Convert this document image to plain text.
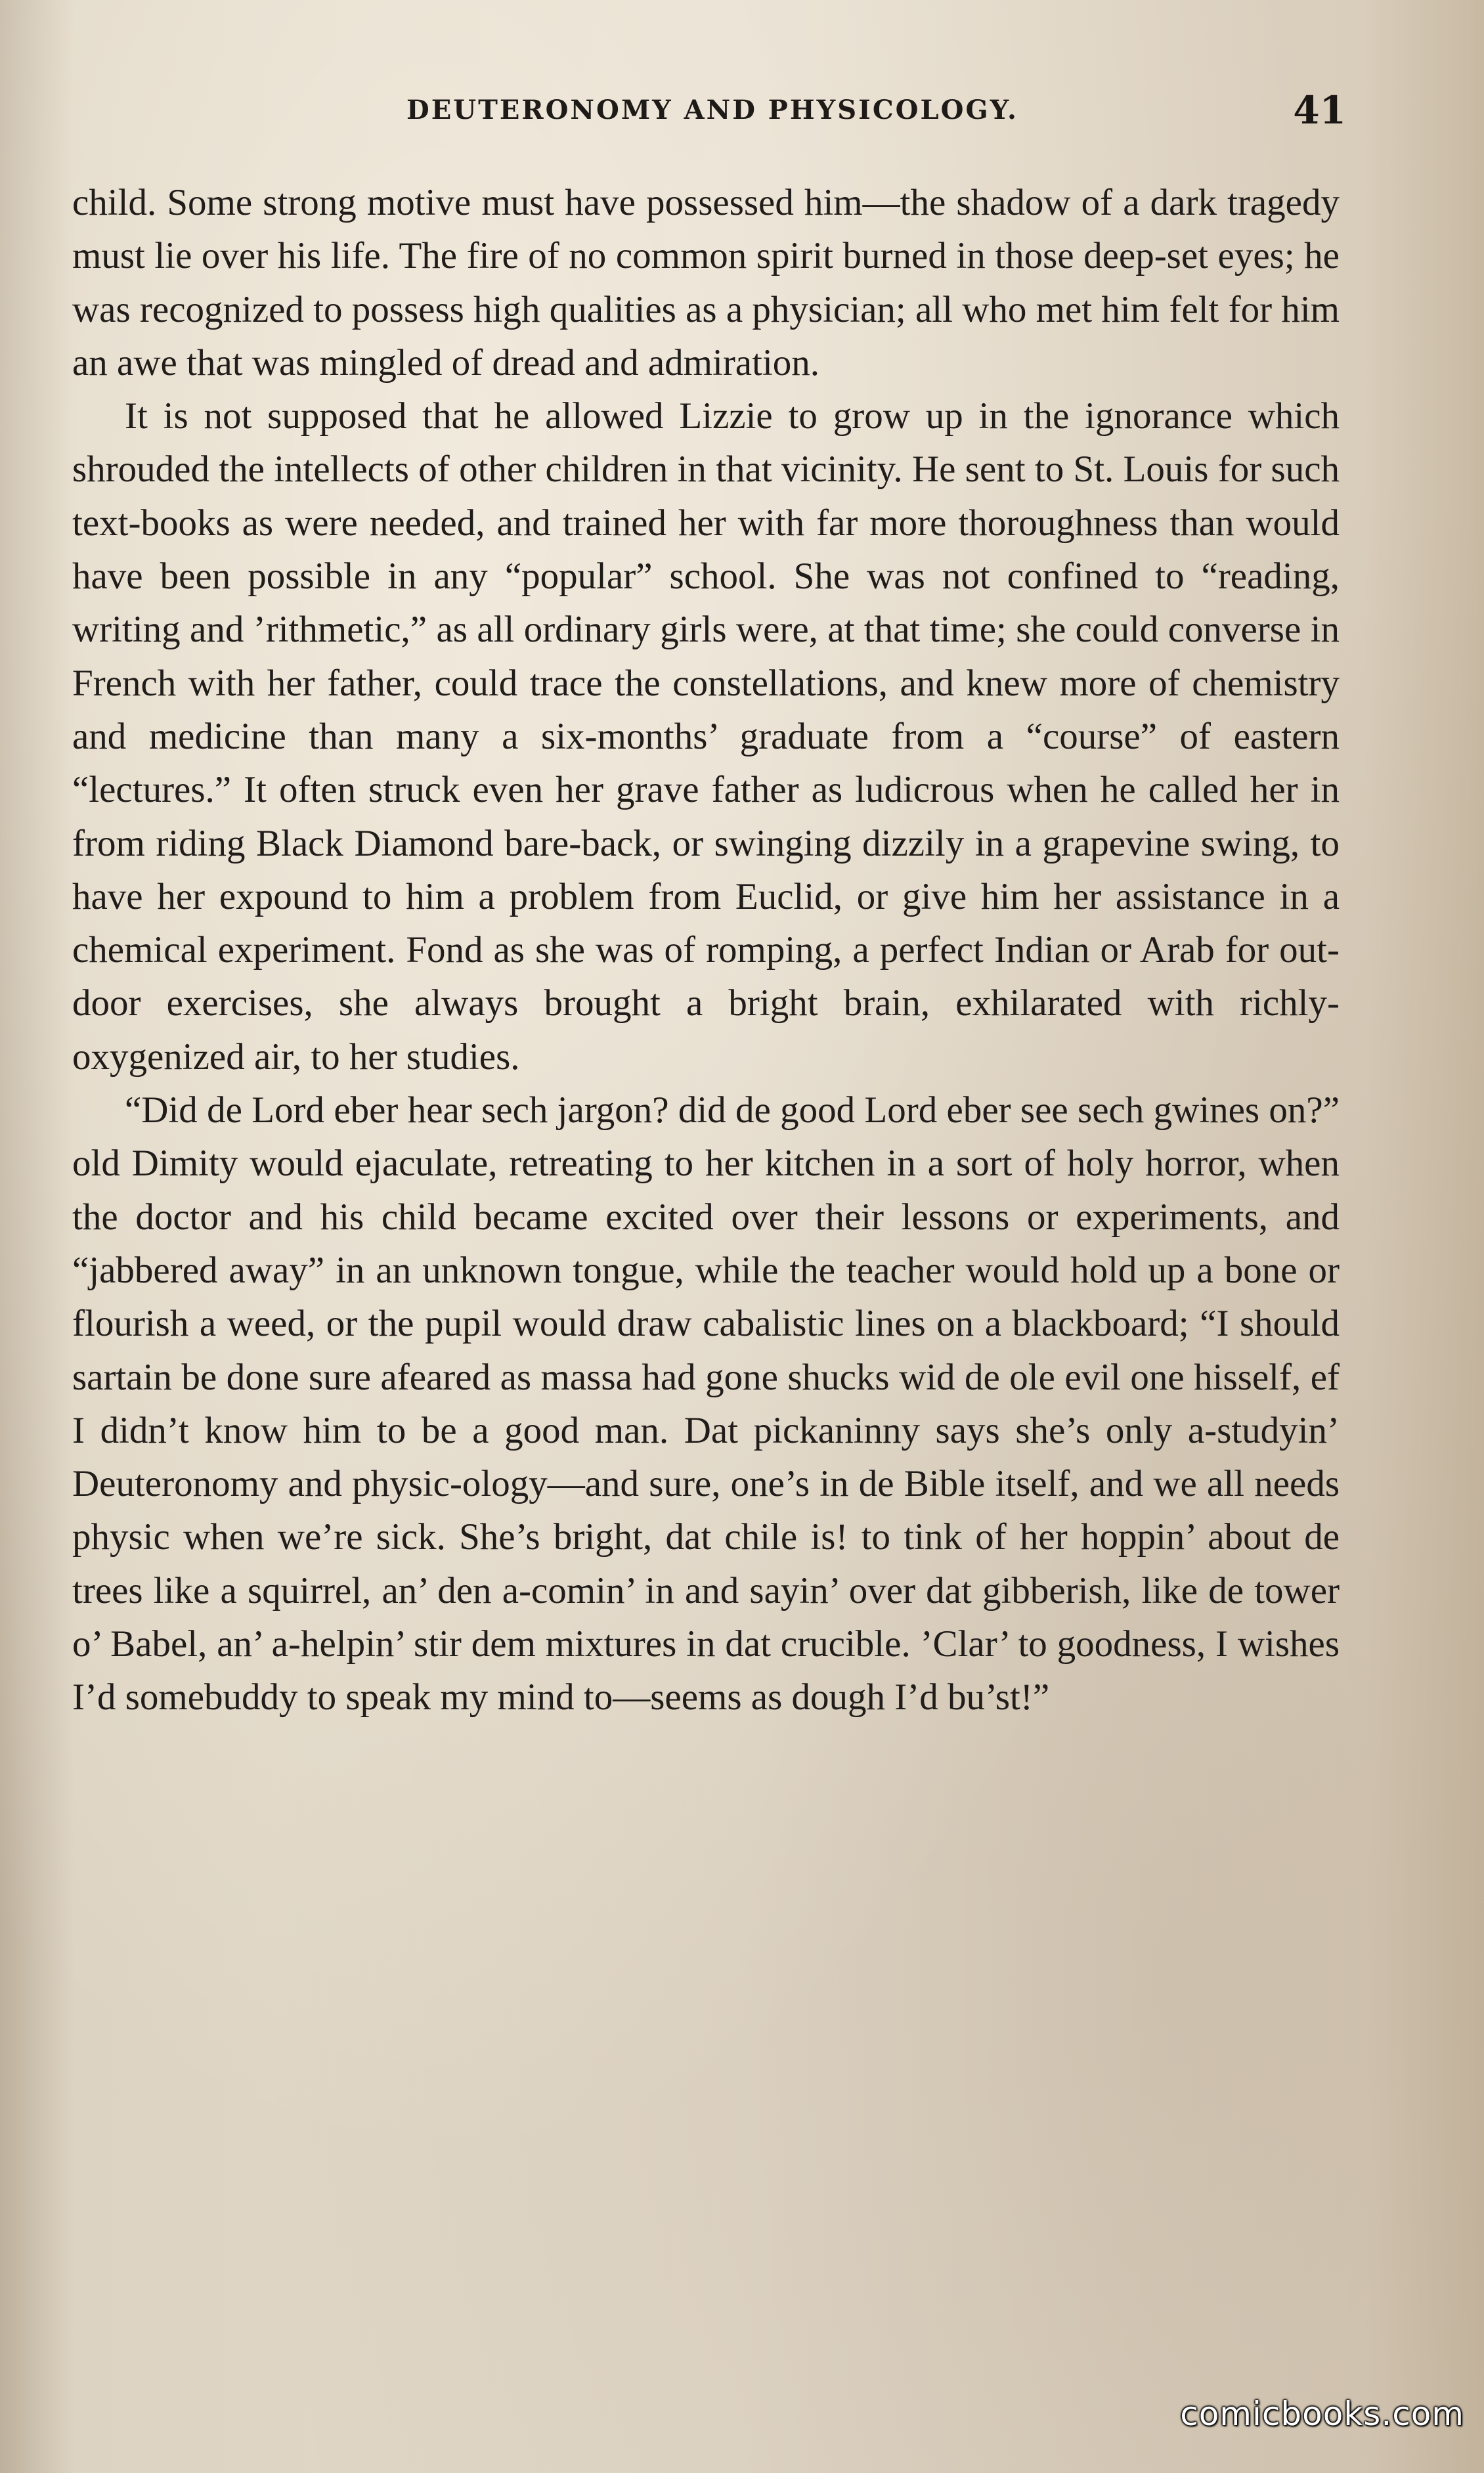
DEUTERONOMY AND PHYSICOLOGY.	41

child. Some strong motive must have possessed him—the shadow of a dark tragedy must lie over his life. The fire of no common spirit burned in those deep-set eyes; he was recognized to possess high qualities as a physician; all who met him felt for him an awe that was mingled of dread and admiration.

It is not supposed that he allowed Lizzie to grow up in the ignorance which shrouded the intellects of other children in that vicinity. He sent to St. Louis for such text-books as were needed, and trained her with far more thoroughness than would have been possible in any “popular” school. She was not confined to “reading, writing and ’rithmetic,” as all ordinary girls were, at that time; she could converse in French with her father, could trace the constellations, and knew more of chemistry and medicine than many a six-months’ graduate from a “course” of eastern “lectures.” It often struck even her grave father as ludicrous when he called her in from riding Black Diamond bare-back, or swinging dizzily in a grapevine swing, to have her expound to him a problem from Euclid, or give him her assistance in a chemical experiment. Fond as she was of romping, a perfect Indian or Arab for out-door exercises, she always brought a bright brain, exhilarated with richly-oxygenized air, to her studies.

“Did de Lord eber hear sech jargon? did de good Lord eber see sech gwines on?” old Dimity would ejaculate, retreating to her kitchen in a sort of holy horror, when the doctor and his child became excited over their lessons or experiments, and “jabbered away” in an unknown tongue, while the teacher would hold up a bone or flourish a weed, or the pupil would draw cabalistic lines on a blackboard; “I should sartain be done sure afeared as massa had gone shucks wid de ole evil one hisself, ef I didn’t know him to be a good man. Dat pickaninny says she’s only a-studyin’ Deuteronomy and physic-ology—and sure, one’s in de Bible itself, and we all needs physic when we’re sick. She’s bright, dat chile is! to tink of her hoppin’ about de trees like a squirrel, an’ den a-comin’ in and sayin’ over dat gibberish, like de tower o’ Babel, an’ a-helpin’ stir dem mixtures in dat crucible. ’Clar’ to goodness, I wishes I’d somebuddy to speak my mind to—seems as dough I’d bu’st!”

comicbooks.com
